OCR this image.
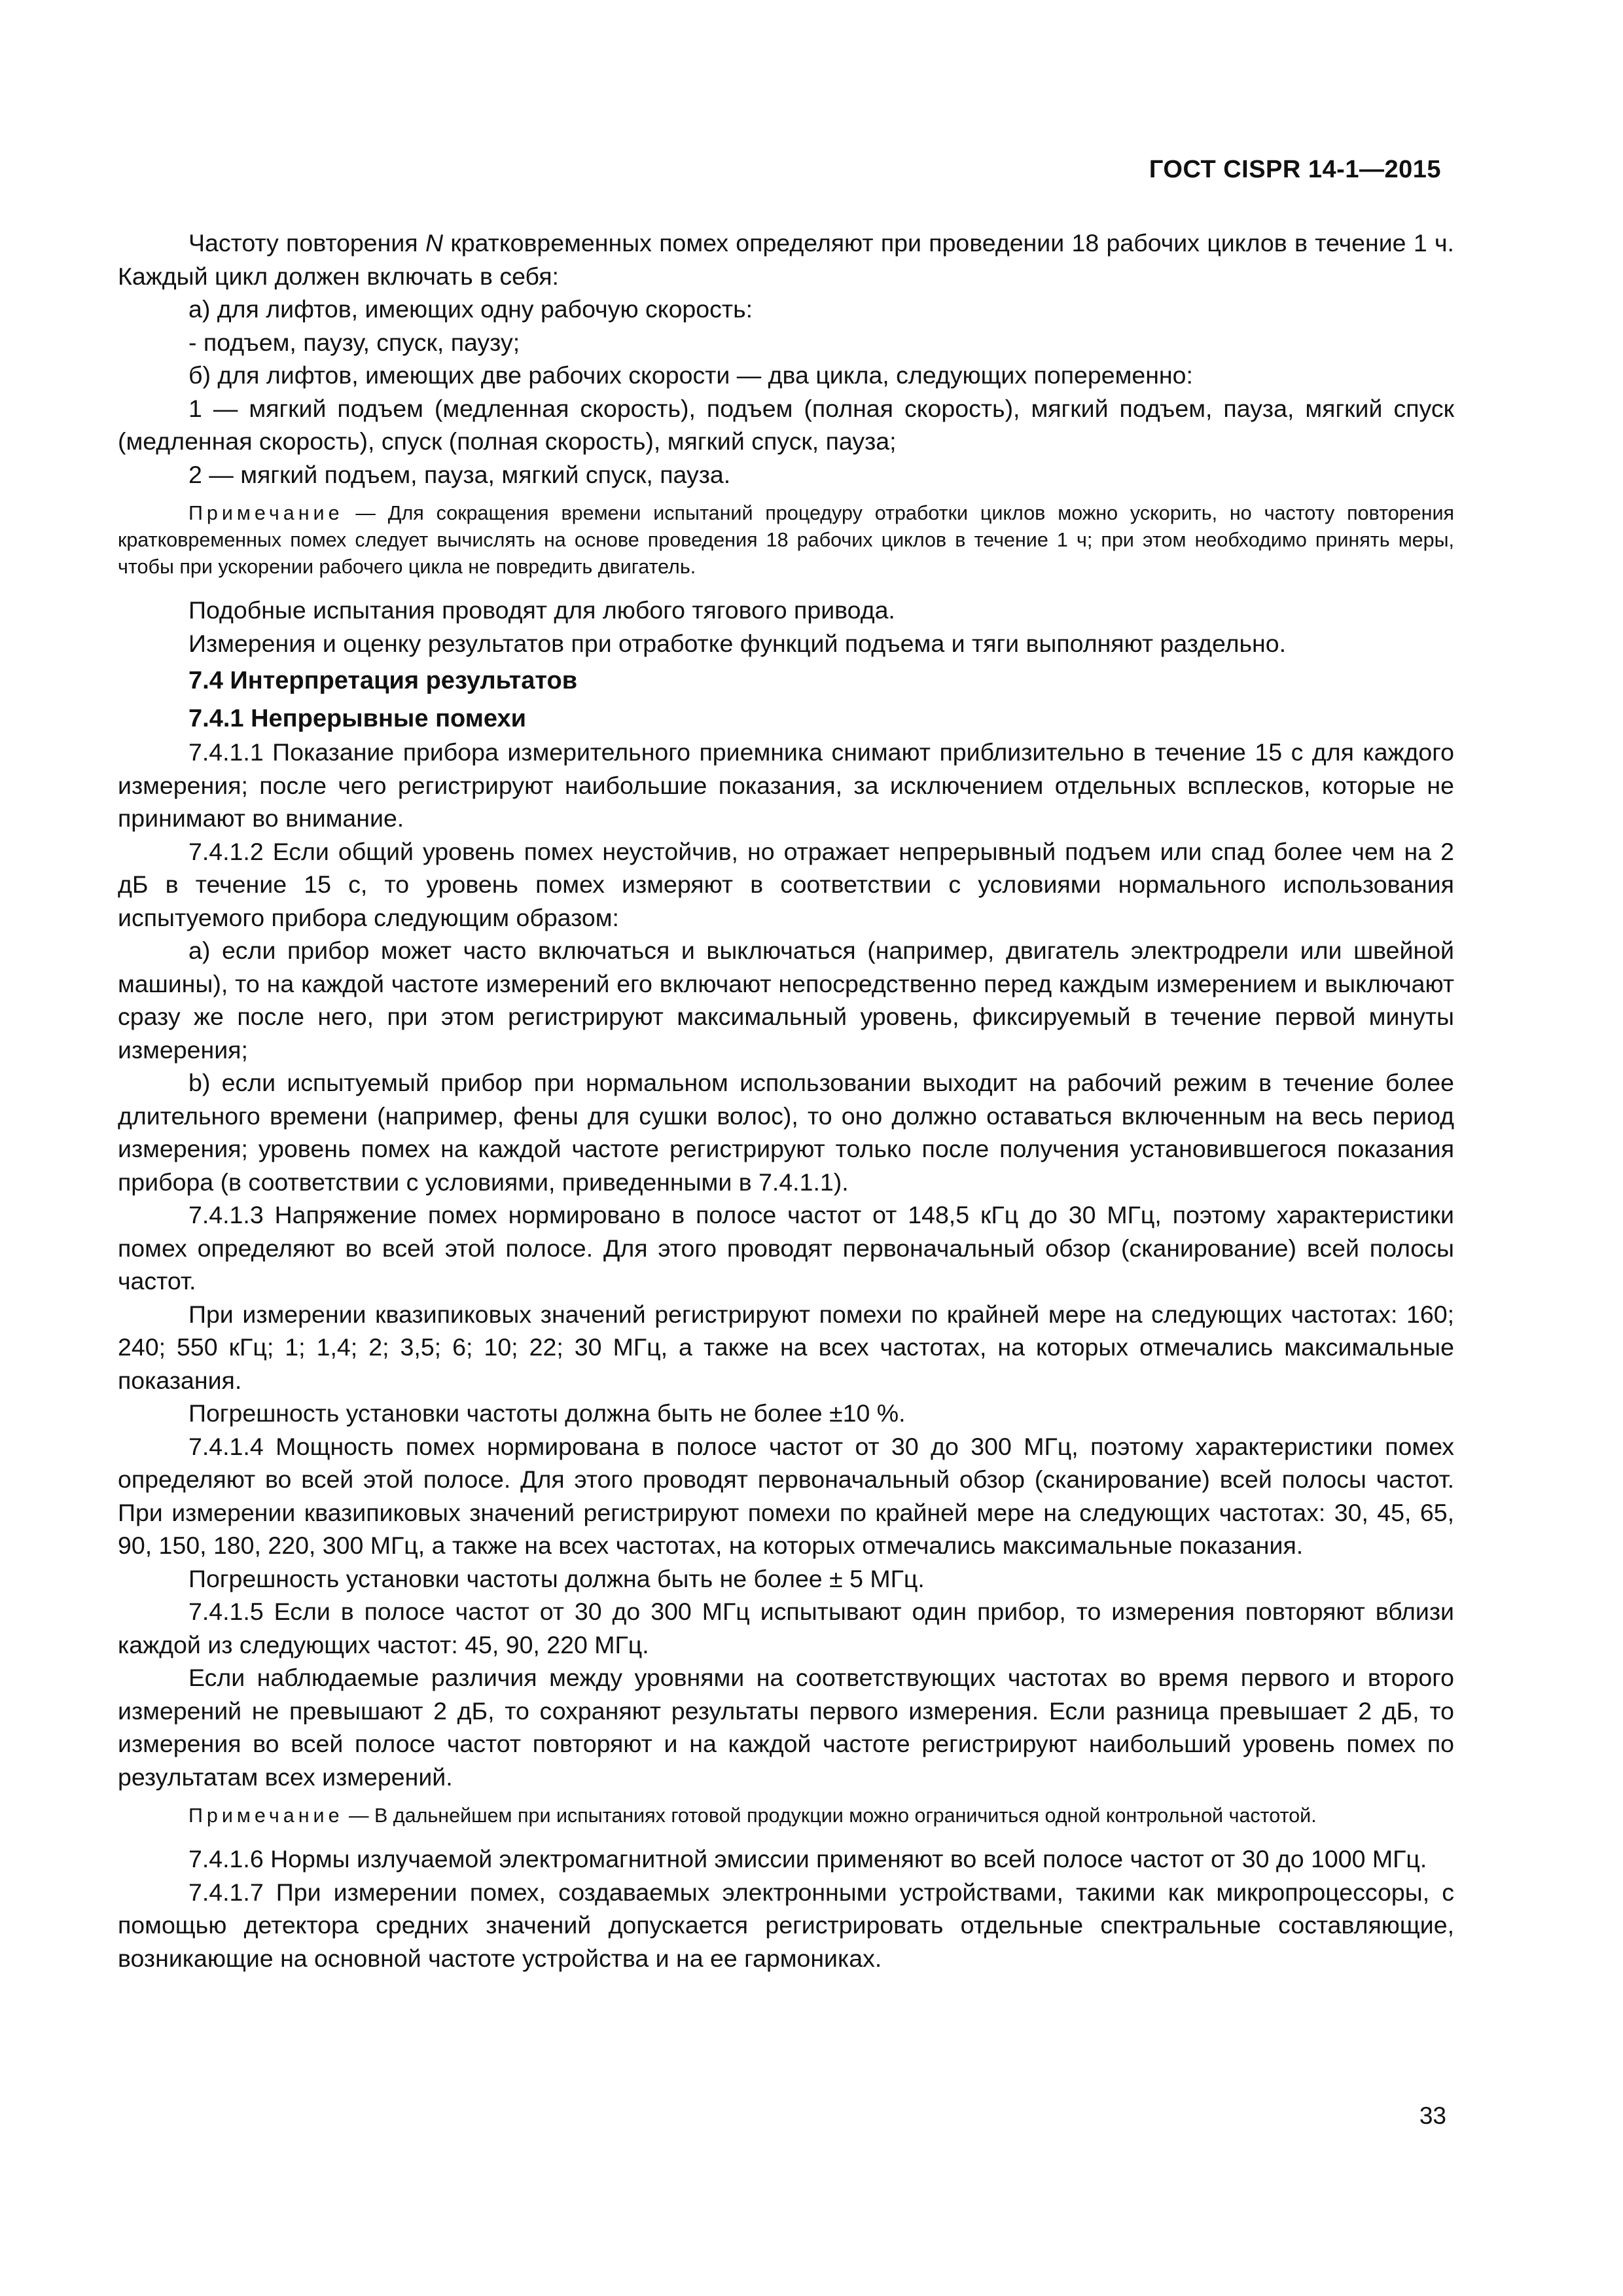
ГОСТ CISPR 14-1—2015

Частоту повторения N кратковременных помех определяют при проведении 18 рабочих циклов в течение 1 ч. Каждый цикл должен включать в себя:

а) для лифтов, имеющих одну рабочую скорость:

- подъем, паузу, спуск, паузу;

б) для лифтов, имеющих две рабочих скорости — два цикла, следующих попеременно:

1 — мягкий подъем (медленная скорость), подъем (полная скорость), мягкий подъем, пауза, мягкий спуск (медленная скорость), спуск (полная скорость), мягкий спуск, пауза;

2 — мягкий подъем, пауза, мягкий спуск, пауза.

Примечание — Для сокращения времени испытаний процедуру отработки циклов можно ускорить, но частоту повторения кратковременных помех следует вычислять на основе проведения 18 рабочих циклов в течение 1 ч; при этом необходимо принять меры, чтобы при ускорении рабочего цикла не повредить двигатель.

Подобные испытания проводят для любого тягового привода.

Измерения и оценку результатов при отработке функций подъема и тяги выполняют раздельно.

7.4 Интерпретация результатов

7.4.1 Непрерывные помехи

7.4.1.1 Показание прибора измерительного приемника снимают приблизительно в течение 15 с для каждого измерения; после чего регистрируют наибольшие показания, за исключением отдельных всплесков, которые не принимают во внимание.

7.4.1.2 Если общий уровень помех неустойчив, но отражает непрерывный подъем или спад более чем на 2 дБ в течение 15 с, то уровень помех измеряют в соответствии с условиями нормального использования испытуемого прибора следующим образом:

а) если прибор может часто включаться и выключаться (например, двигатель электродрели или швейной машины), то на каждой частоте измерений его включают непосредственно перед каждым измерением и выключают сразу же после него, при этом регистрируют максимальный уровень, фиксируемый в течение первой минуты измерения;

b) если испытуемый прибор при нормальном использовании выходит на рабочий режим в течение более длительного времени (например, фены для сушки волос), то оно должно оставаться включенным на весь период измерения; уровень помех на каждой частоте регистрируют только после получения установившегося показания прибора (в соответствии с условиями, приведенными в 7.4.1.1).

7.4.1.3 Напряжение помех нормировано в полосе частот от 148,5 кГц до 30 МГц, поэтому характеристики помех определяют во всей этой полосе. Для этого проводят первоначальный обзор (сканирование) всей полосы частот.

При измерении квазипиковых значений регистрируют помехи по крайней мере на следующих частотах: 160; 240; 550 кГц; 1; 1,4; 2; 3,5; 6; 10; 22; 30 МГц, а также на всех частотах, на которых отмечались максимальные показания.

Погрешность установки частоты должна быть не более ±10 %.

7.4.1.4 Мощность помех нормирована в полосе частот от 30 до 300 МГц, поэтому характеристики помех определяют во всей этой полосе. Для этого проводят первоначальный обзор (сканирование) всей полосы частот. При измерении квазипиковых значений регистрируют помехи по крайней мере на следующих частотах: 30, 45, 65, 90, 150, 180, 220, 300 МГц, а также на всех частотах, на которых отмечались максимальные показания.

Погрешность установки частоты должна быть не более ± 5 МГц.

7.4.1.5 Если в полосе частот от 30 до 300 МГц испытывают один прибор, то измерения повторяют вблизи каждой из следующих частот: 45, 90, 220 МГц.

Если наблюдаемые различия между уровнями на соответствующих частотах во время первого и второго измерений не превышают 2 дБ, то сохраняют результаты первого измерения. Если разница превышает 2 дБ, то измерения во всей полосе частот повторяют и на каждой частоте регистрируют наибольший уровень помех по результатам всех измерений.

Примечание — В дальнейшем при испытаниях готовой продукции можно ограничиться одной контрольной частотой.

7.4.1.6 Нормы излучаемой электромагнитной эмиссии применяют во всей полосе частот от 30 до 1000 МГц.

7.4.1.7 При измерении помех, создаваемых электронными устройствами, такими как микропроцессоры, с помощью детектора средних значений допускается регистрировать отдельные спектральные составляющие, возникающие на основной частоте устройства и на ее гармониках.

33
